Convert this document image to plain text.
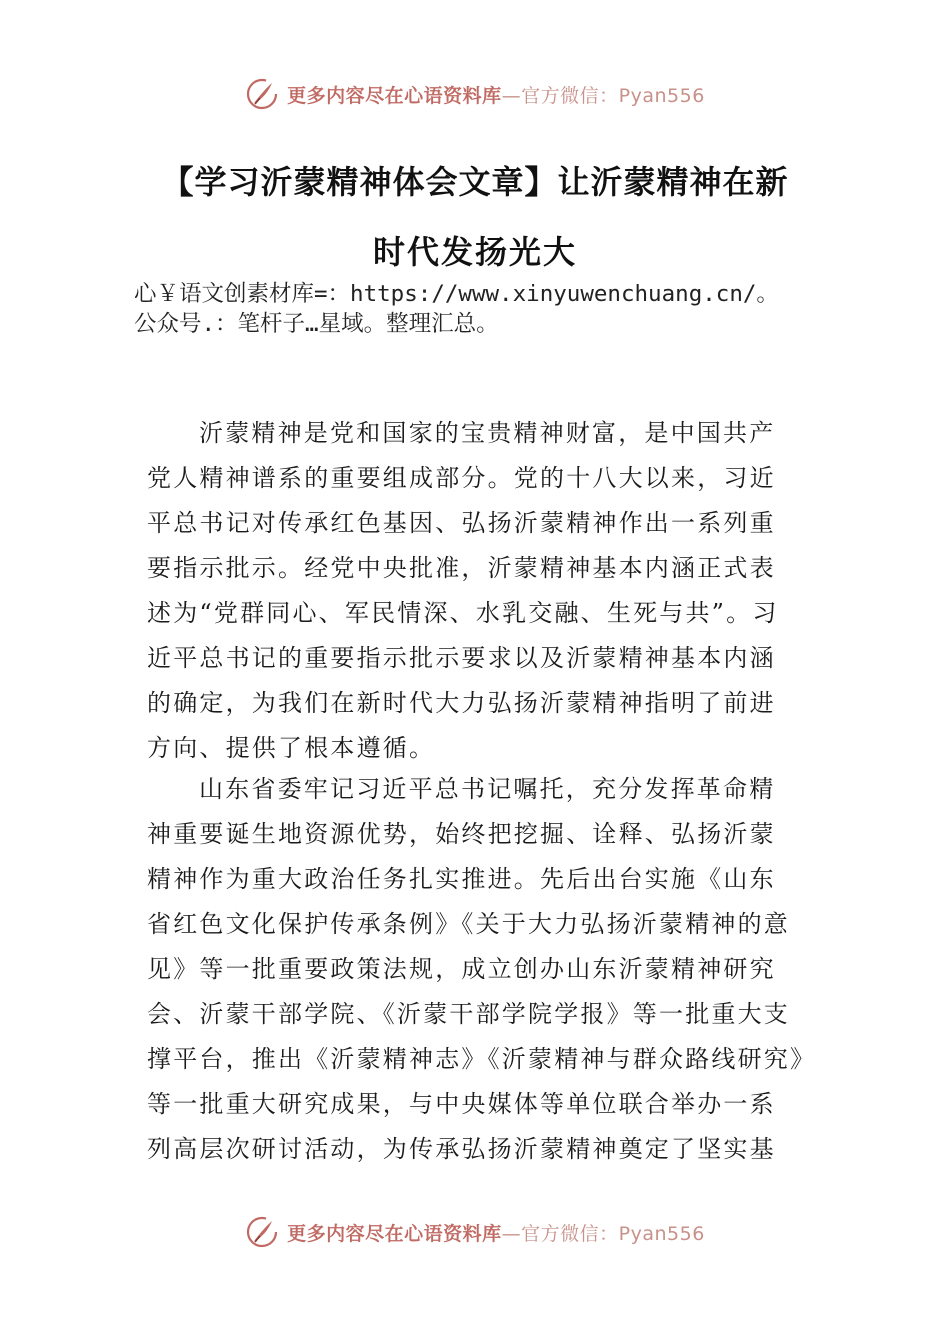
更多内容尽在心语资料库—官方微信：Pyan556
【学习沂蒙精神体会文章】让沂蒙精神在新
时代发扬光大
心￥语文创素材库=：https://www.xinyuwenchuang.cn/。
公众号.：笔杆子…星域。整理汇总。
沂蒙精神是党和国家的宝贵精神财富，是中国共产
党人精神谱系的重要组成部分。党的十八大以来，习近
平总书记对传承红色基因、弘扬沂蒙精神作出一系列重
要指示批示。经党中央批准，沂蒙精神基本内涵正式表
述为“党群同心、军民情深、水乳交融、生死与共”。习
近平总书记的重要指示批示要求以及沂蒙精神基本内涵
的确定，为我们在新时代大力弘扬沂蒙精神指明了前进
方向、提供了根本遵循。
山东省委牢记习近平总书记嘱托，充分发挥革命精
神重要诞生地资源优势，始终把挖掘、诠释、弘扬沂蒙
精神作为重大政治任务扎实推进。先后出台实施《山东
省红色文化保护传承条例》《关于大力弘扬沂蒙精神的意
见》等一批重要政策法规，成立创办山东沂蒙精神研究
会、沂蒙干部学院、《沂蒙干部学院学报》等一批重大支
撑平台，推出《沂蒙精神志》《沂蒙精神与群众路线研究》
等一批重大研究成果，与中央媒体等单位联合举办一系
列高层次研讨活动，为传承弘扬沂蒙精神奠定了坚实基
更多内容尽在心语资料库—官方微信：Pyan556
